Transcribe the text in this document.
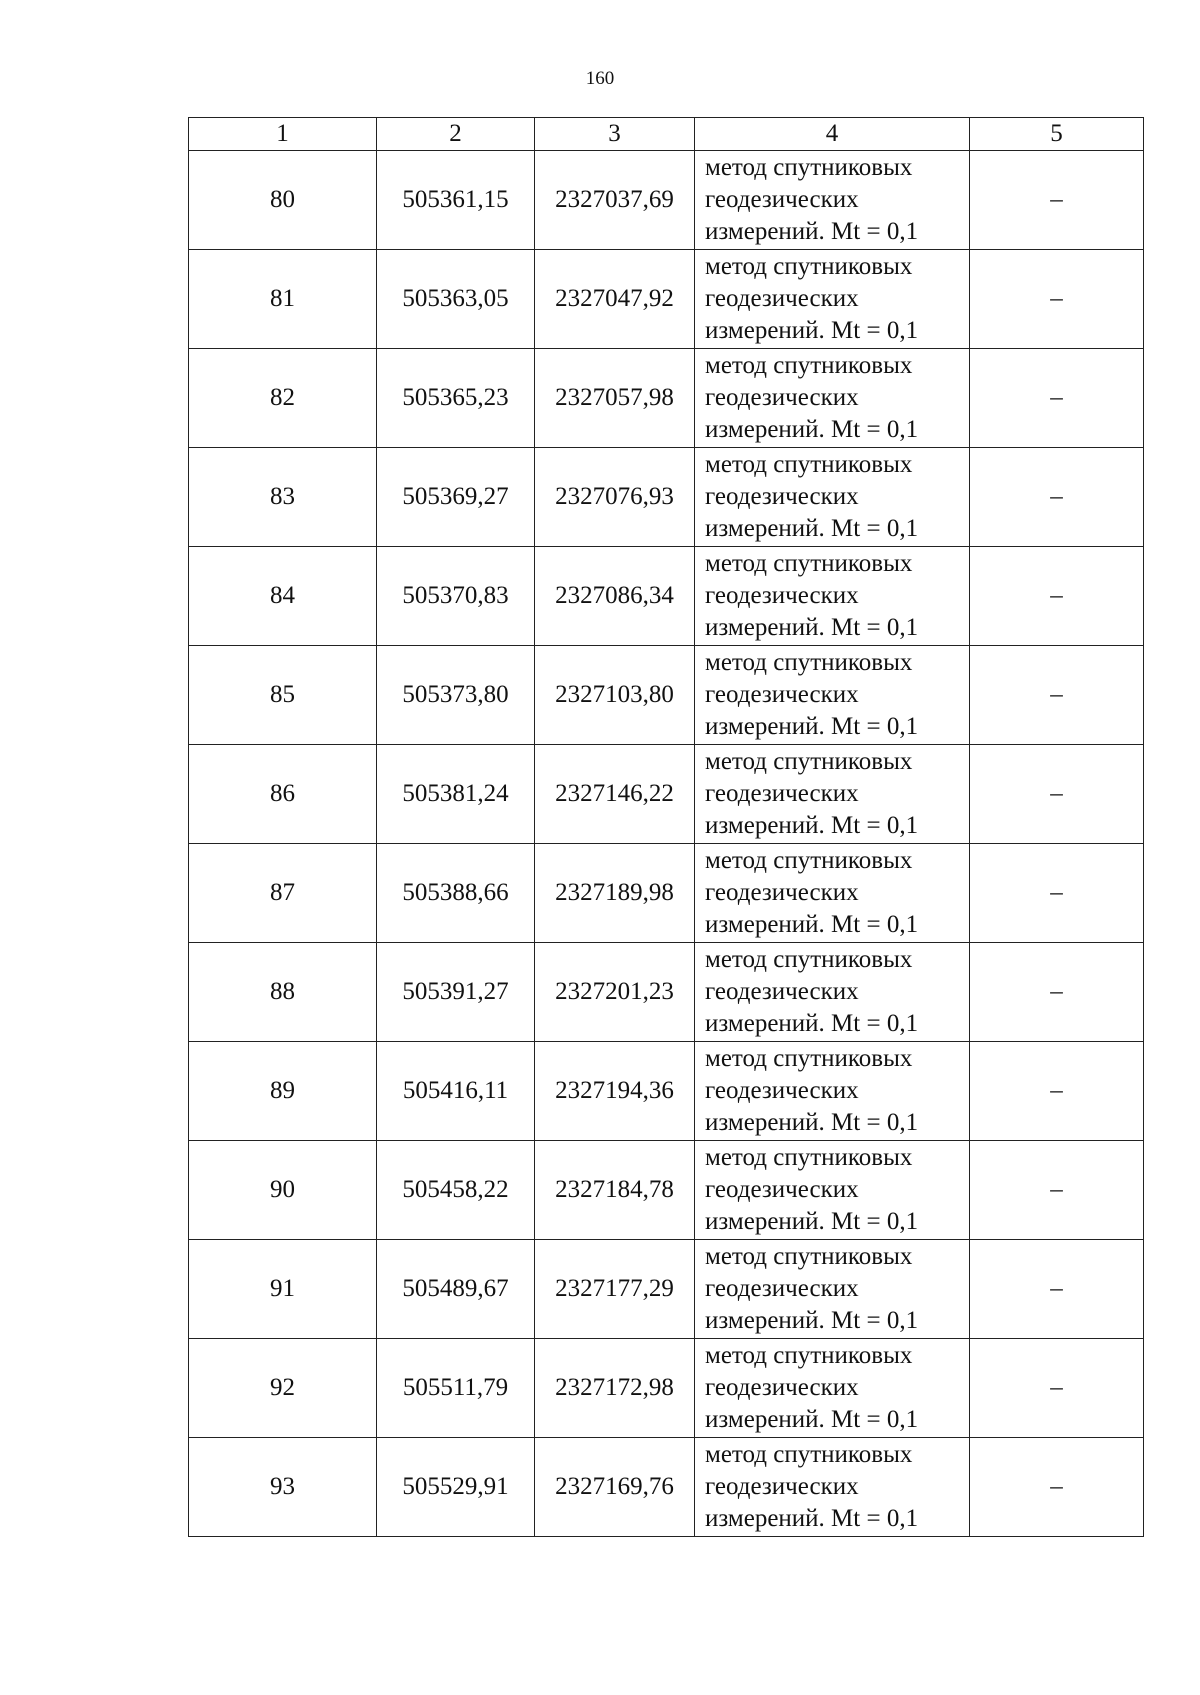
160
1	2	3	4	5
80	505361,15	2327037,69	метод спутниковых
геодезических
измерений. Mt = 0,1	–
81	505363,05	2327047,92	метод спутниковых
геодезических
измерений. Mt = 0,1	–
82	505365,23	2327057,98	метод спутниковых
геодезических
измерений. Mt = 0,1	–
83	505369,27	2327076,93	метод спутниковых
геодезических
измерений. Mt = 0,1	–
84	505370,83	2327086,34	метод спутниковых
геодезических
измерений. Mt = 0,1	–
85	505373,80	2327103,80	метод спутниковых
геодезических
измерений. Mt = 0,1	–
86	505381,24	2327146,22	метод спутниковых
геодезических
измерений. Mt = 0,1	–
87	505388,66	2327189,98	метод спутниковых
геодезических
измерений. Mt = 0,1	–
88	505391,27	2327201,23	метод спутниковых
геодезических
измерений. Mt = 0,1	–
89	505416,11	2327194,36	метод спутниковых
геодезических
измерений. Mt = 0,1	–
90	505458,22	2327184,78	метод спутниковых
геодезических
измерений. Mt = 0,1	–
91	505489,67	2327177,29	метод спутниковых
геодезических
измерений. Mt = 0,1	–
92	505511,79	2327172,98	метод спутниковых
геодезических
измерений. Mt = 0,1	–
93	505529,91	2327169,76	метод спутниковых
геодезических
измерений. Mt = 0,1	–
